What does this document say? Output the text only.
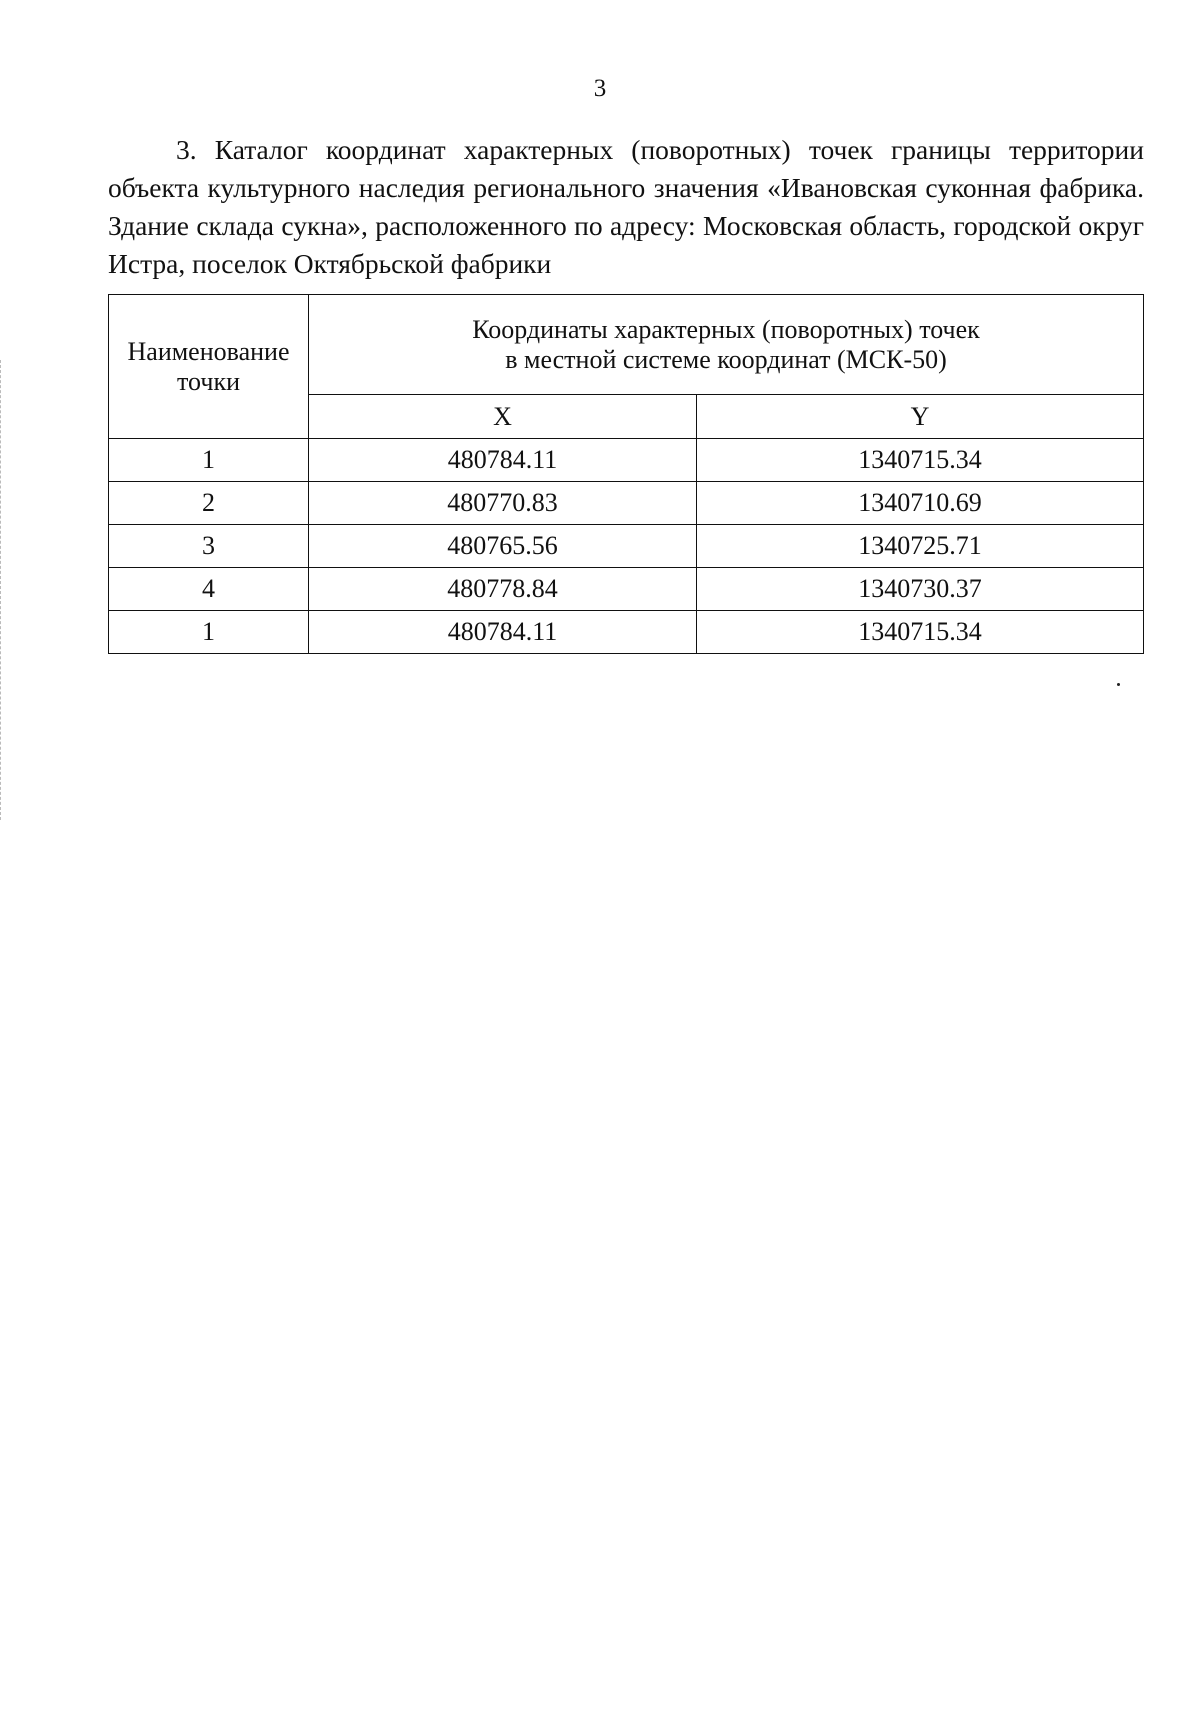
3

3. Каталог координат характерных (поворотных) точек границы территории объекта культурного наследия регионального значения «Ивановская суконная фабрика. Здание склада сукна», расположенного по адресу: Московская область, городской округ Истра, поселок Октябрьской фабрики

Наименование
точки	Координаты характерных (поворотных) точек
в местной системе координат (МСК-50)	
	X	Y
1	480784.11	1340715.34
2	480770.83	1340710.69
3	480765.56	1340725.71
4	480778.84	1340730.37
1	480784.11	1340715.34
